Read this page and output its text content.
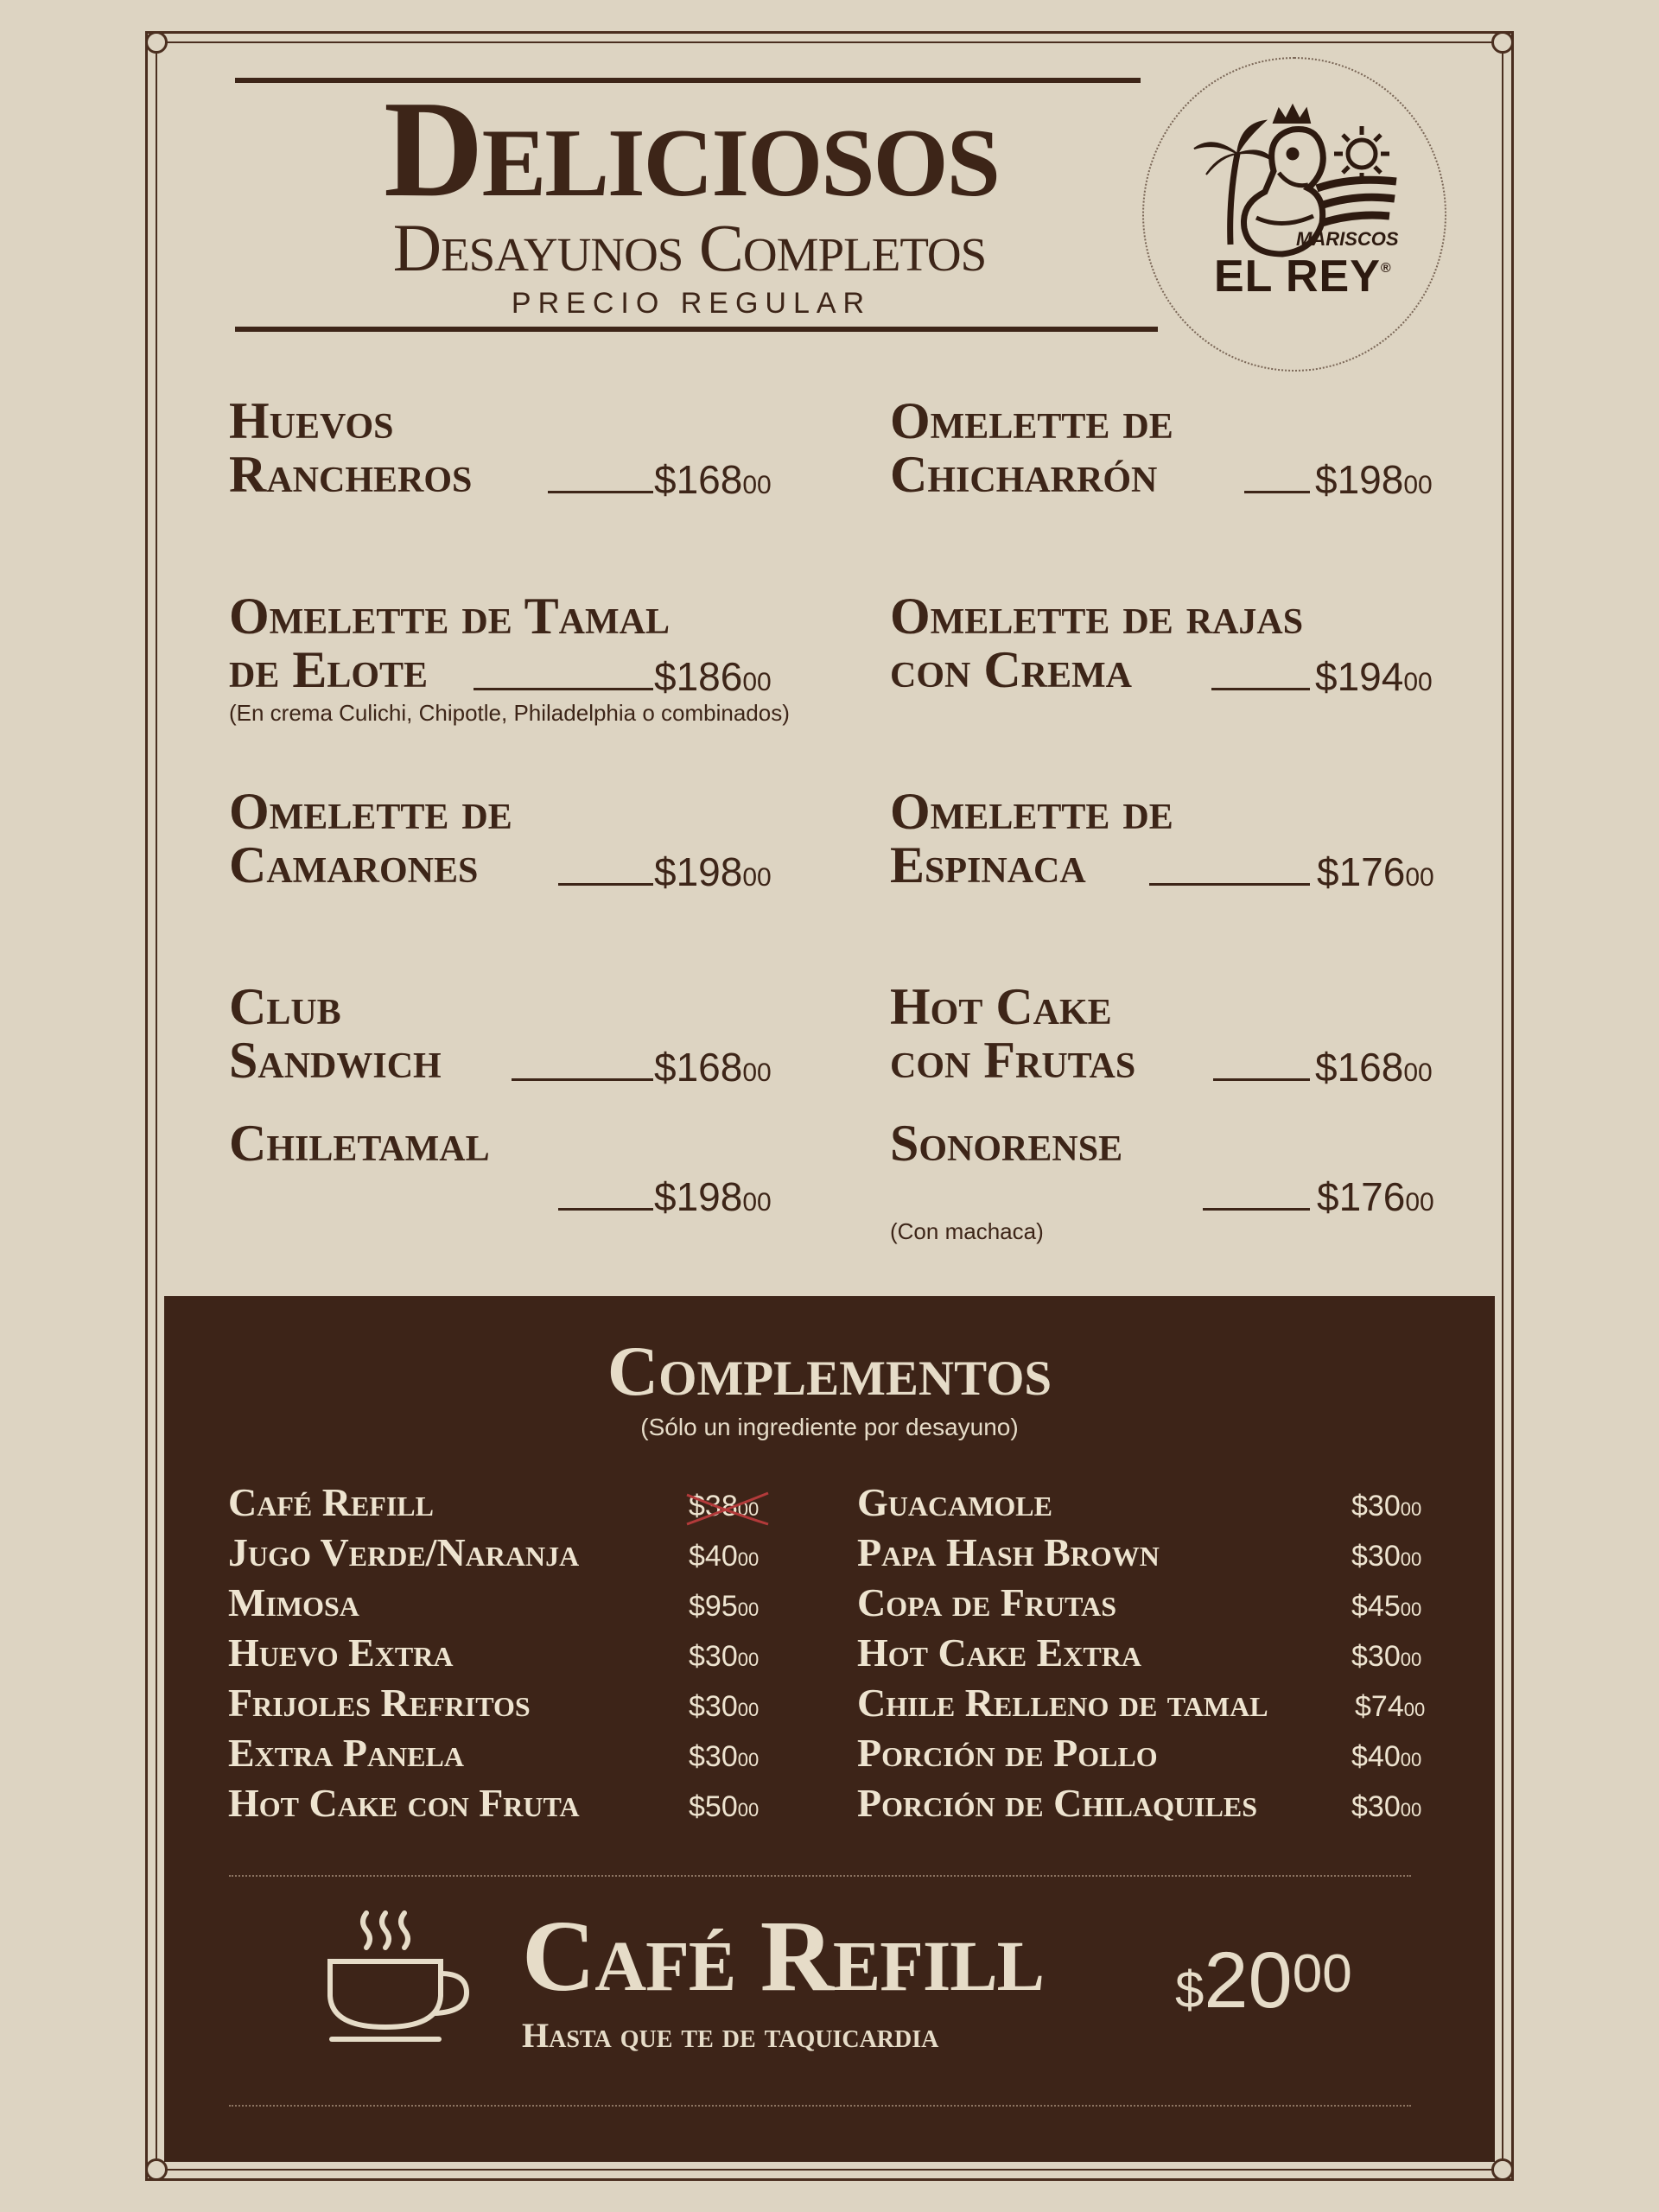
Deliciosos
Desayunos Completos
PRECIO REGULAR
MARISCOS
EL REY®
Huevos
Rancheros	$16800
Omelette de Tamal
de Elote	$18600
(En crema Culichi, Chipotle, Philadelphia o combinados)
Omelette de
Camarones	$19800
Club
Sandwich	$16800
Chiletamal
$19800
Omelette de
Chicharrón	$19800
Omelette de rajas
con Crema	$19400
Omelette de
Espinaca	$17600
Hot Cake
con Frutas	$16800
Sonorense
$17600
(Con machaca)
Complementos
(Sólo un ingrediente por desayuno)
Café Refill	$3800
Jugo Verde/Naranja	$4000
Mimosa	$9500
Huevo Extra	$3000
Frijoles Refritos	$3000
Extra Panela	$3000
Hot Cake con Fruta	$5000
Guacamole	$3000
Papa Hash Brown	$3000
Copa de Frutas	$4500
Hot Cake Extra	$3000
Chile Relleno de tamal	$7400
Porción de Pollo	$4000
Porción de Chilaquiles	$3000
Café Refill
Hasta que te de taquicardia
$2000
